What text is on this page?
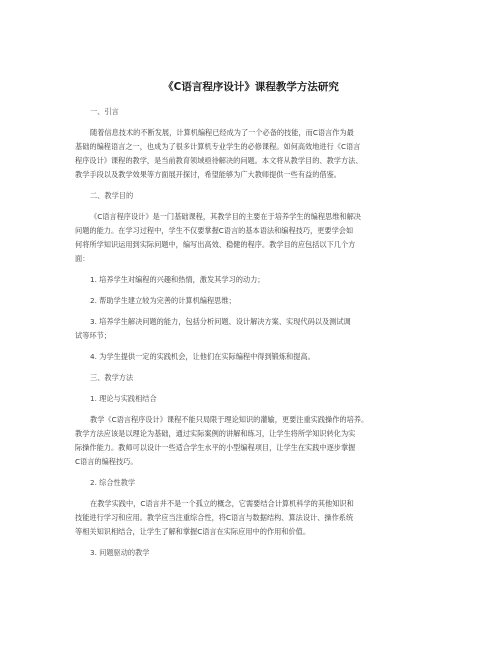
《C语言程序设计》课程教学方法研究
一、引言
随着信息技术的不断发展，计算机编程已经成为了一个必备的技能，而C语言作为最
基础的编程语言之一，也成为了很多计算机专业学生的必修课程。如何高效地进行《C语言
程序设计》课程的教学，是当前教育领域亟待解决的问题。本文将从教学目的、教学方法、
教学手段以及教学效果等方面展开探讨，希望能够为广大教师提供一些有益的借鉴。
二、教学目的
《C语言程序设计》是一门基础课程，其教学目的主要在于培养学生的编程思维和解决
问题的能力。在学习过程中，学生不仅要掌握C语言的基本语法和编程技巧，更要学会如
何将所学知识运用到实际问题中，编写出高效、稳健的程序。教学目的应包括以下几个方
面：
1. 培养学生对编程的兴趣和热情，激发其学习的动力；
2. 帮助学生建立较为完善的计算机编程思维；
3. 培养学生解决问题的能力，包括分析问题、设计解决方案、实现代码以及测试调
试等环节；
4. 为学生提供一定的实践机会，让他们在实际编程中得到锻炼和提高。
三、教学方法
1. 理论与实践相结合
教学《C语言程序设计》课程不能只局限于理论知识的灌输，更要注重实践操作的培养。
教学方法应该是以理论为基础，通过实际案例的讲解和练习，让学生将所学知识转化为实
际操作能力。教师可以设计一些适合学生水平的小型编程项目，让学生在实践中逐步掌握
C语言的编程技巧。
2. 综合性教学
在教学实践中，C语言并不是一个孤立的概念，它需要结合计算机科学的其他知识和
技能进行学习和应用。教学应当注重综合性，将C语言与数据结构、算法设计、操作系统
等相关知识相结合，让学生了解和掌握C语言在实际应用中的作用和价值。
3. 问题驱动的教学
